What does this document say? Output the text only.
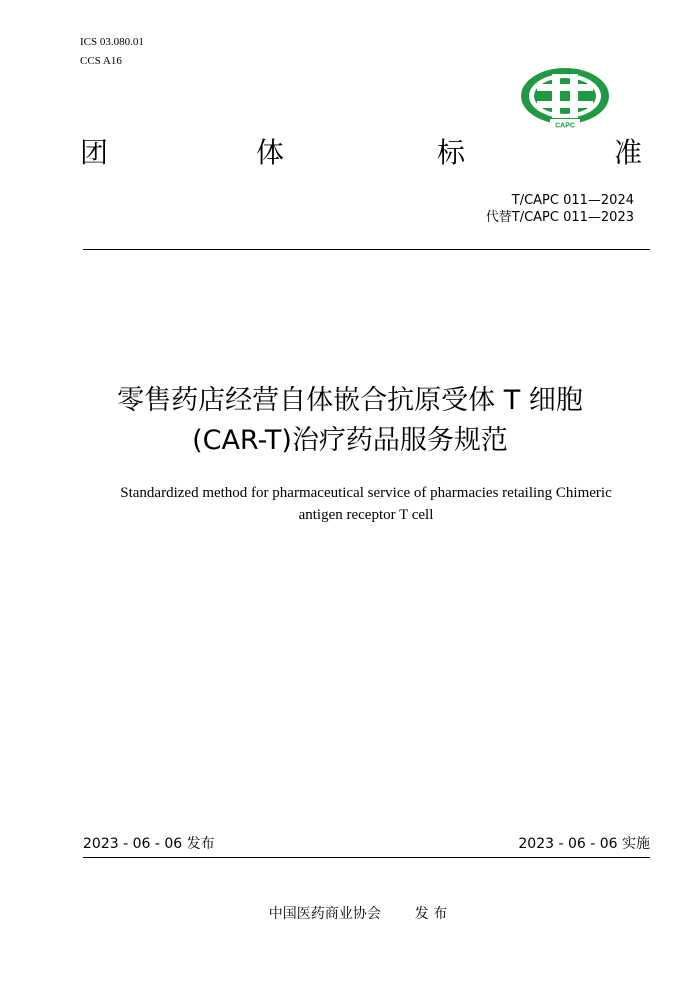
ICS 03.080.01
CCS A16
CAPC
团	体	标	准
T/CAPC 011—2024
代替T/CAPC 011—2023
零售药店经营自体嵌合抗原受体 T 细胞
(CAR-T)治疗药品服务规范
Standardized method for pharmaceutical service of pharmacies retailing Chimeric
antigen receptor T cell
2023 - 06 - 06 发布	2023 - 06 - 06 实施
中国医药商业协会 发 布
